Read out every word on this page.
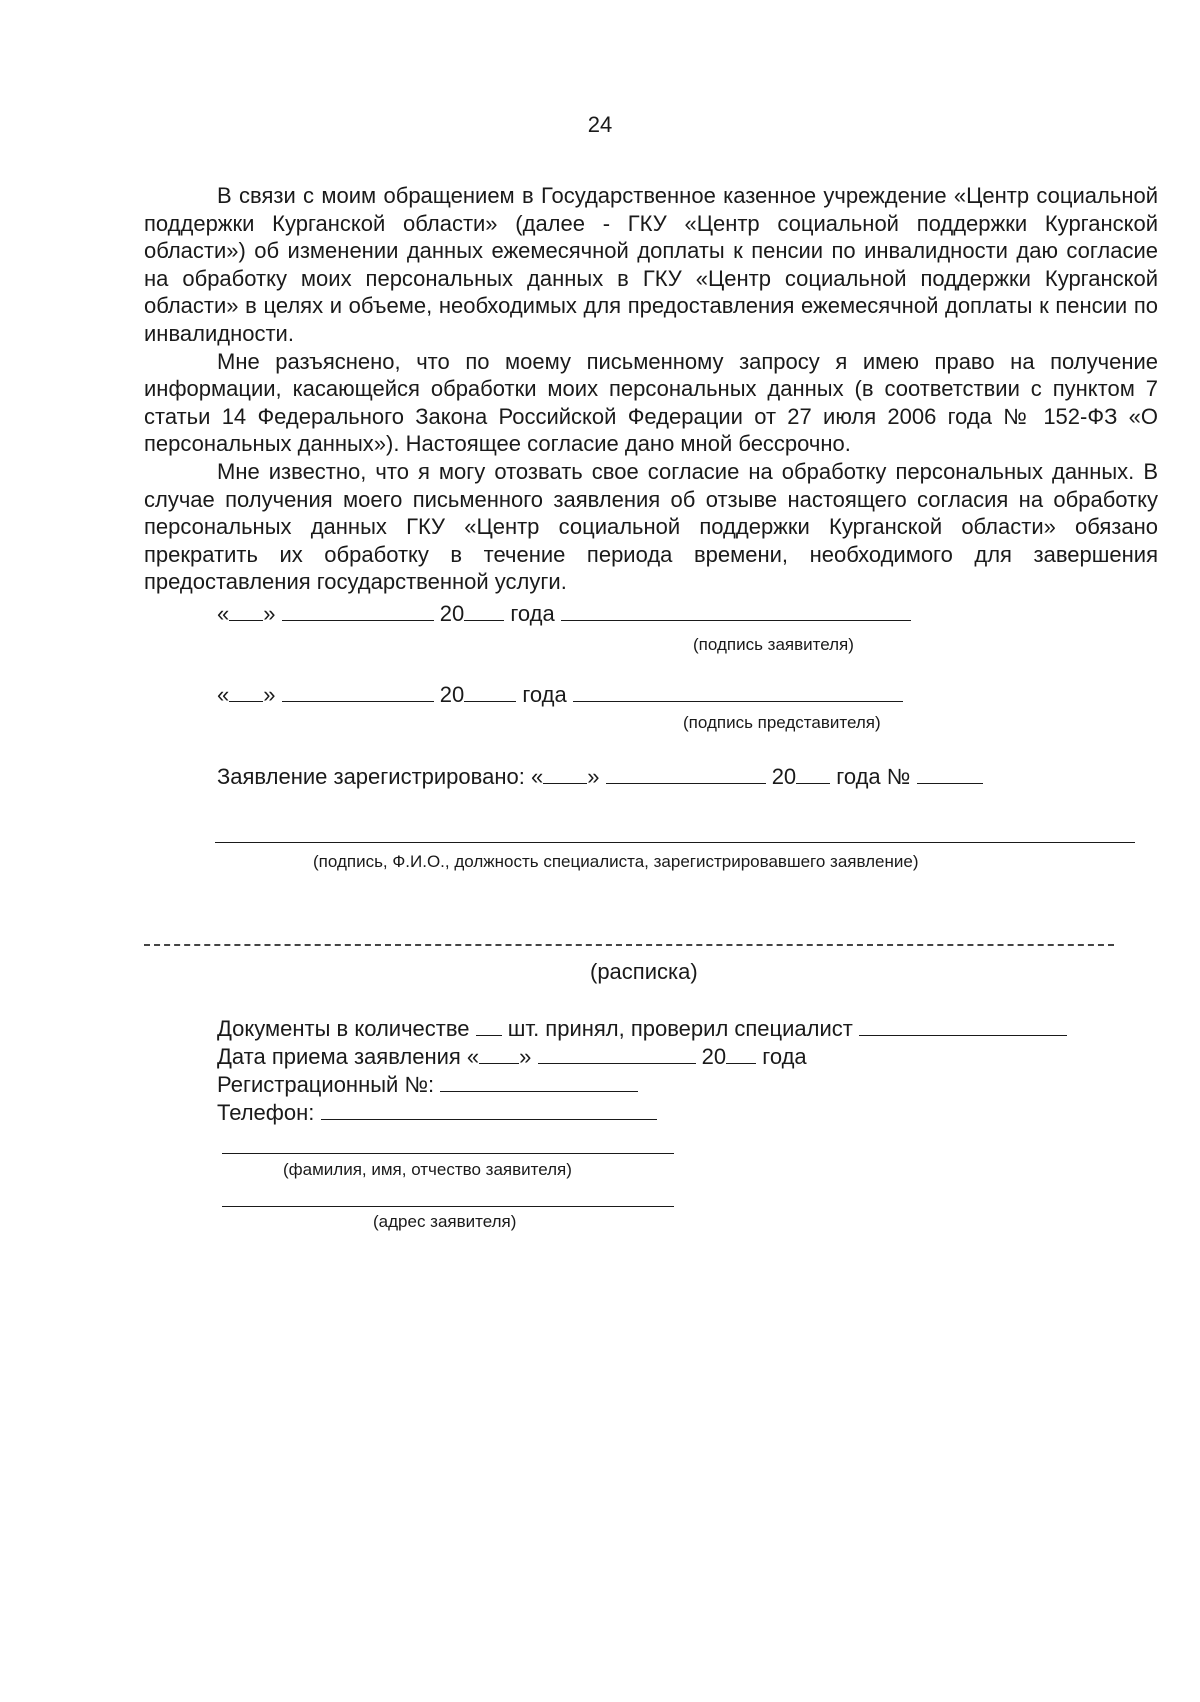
24

В связи с моим обращением в Государственное казенное учреждение «Центр социальной поддержки Курганской области» (далее - ГКУ «Центр социальной поддержки Курганской области») об изменении данных ежемесячной доплаты к пенсии по инвалидности даю согласие на обработку моих персональных данных в ГКУ «Центр социальной поддержки Курганской области» в целях и объеме, необходимых для предоставления ежемесячной доплаты к пенсии по инвалидности.

Мне разъяснено, что по моему письменному запросу я имею право на получение информации, касающейся обработки моих персональных данных (в соответствии с пунктом 7 статьи 14 Федерального Закона Российской Федерации от 27 июля 2006 года № 152-ФЗ «О персональных данных»). Настоящее согласие дано мной бессрочно.

Мне известно, что я могу отозвать свое согласие на обработку персональных данных. В случае получения моего письменного заявления об отзыве настоящего согласия на обработку персональных данных ГКУ «Центр социальной поддержки Курганской области» обязано прекратить их обработку в течение периода времени, необходимого для завершения предоставления государственной услуги.

« »	20 года
(подпись заявителя)
« »	20	года
(подпись представителя)
Заявление зарегистрировано: « »	20 года №
(подпись, Ф.И.О., должность специалиста, зарегистрировавшего заявление)
(расписка)
Документы в количестве шт. принял, проверил специалист
Дата приема заявления « »	20 года
Регистрационный №:
Телефон:
(фамилия, имя, отчество заявителя)
(адрес заявителя)
